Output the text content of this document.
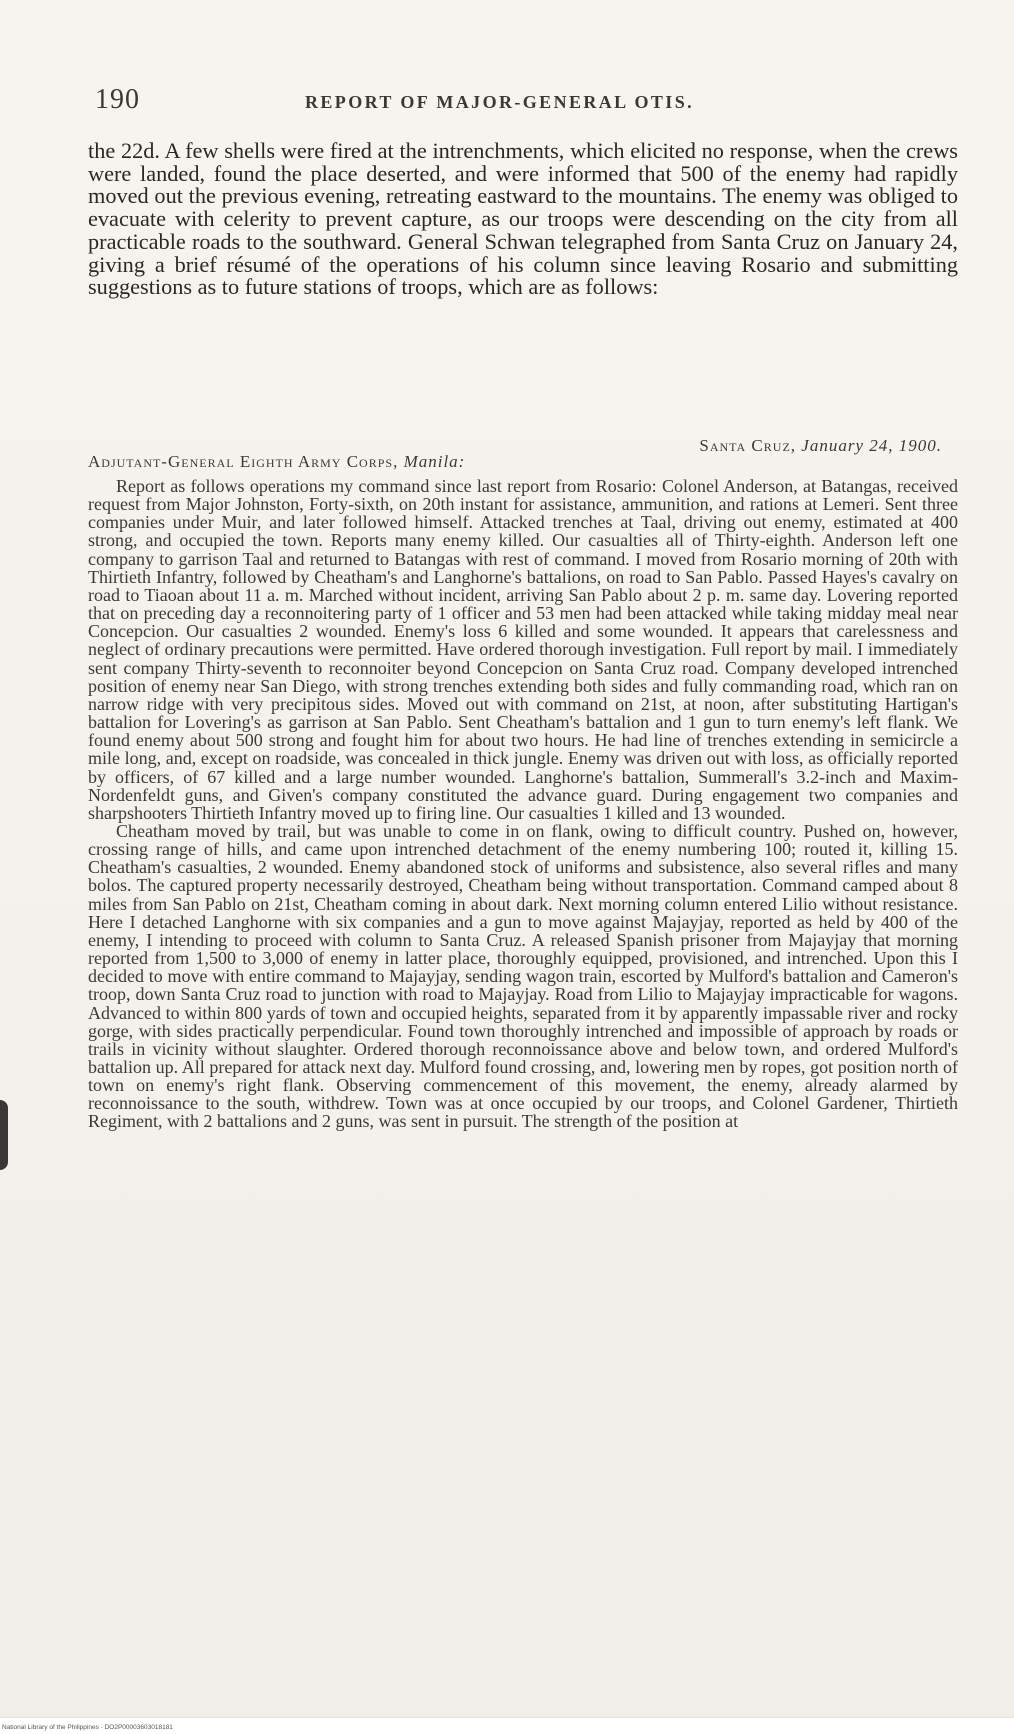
190	REPORT OF MAJOR-GENERAL OTIS.

the 22d. A few shells were fired at the intrenchments, which elicited no response, when the crews were landed, found the place deserted, and were informed that 500 of the enemy had rapidly moved out the previous evening, retreating eastward to the mountains. The enemy was obliged to evacuate with celerity to prevent capture, as our troops were descending on the city from all practicable roads to the southward. General Schwan telegraphed from Santa Cruz on January 24, giving a brief résumé of the operations of his column since leaving Rosario and submitting suggestions as to future stations of troops, which are as follows:

Santa Cruz, January 24, 1900.
Adjutant-General Eighth Army Corps, Manila:

Report as follows operations my command since last report from Rosario: Colonel Anderson, at Batangas, received request from Major Johnston, Forty-sixth, on 20th instant for assistance, ammunition, and rations at Lemeri. Sent three companies under Muir, and later followed himself. Attacked trenches at Taal, driving out enemy, estimated at 400 strong, and occupied the town. Reports many enemy killed. Our casualties all of Thirty-eighth. Anderson left one company to garrison Taal and returned to Batangas with rest of command. I moved from Rosario morning of 20th with Thirtieth Infantry, followed by Cheatham's and Langhorne's battalions, on road to San Pablo. Passed Hayes's cavalry on road to Tiaoan about 11 a. m. Marched without incident, arriving San Pablo about 2 p. m. same day. Lovering reported that on preceding day a reconnoitering party of 1 officer and 53 men had been attacked while taking midday meal near Concepcion. Our casualties 2 wounded. Enemy's loss 6 killed and some wounded. It appears that carelessness and neglect of ordinary precautions were permitted. Have ordered thorough investigation. Full report by mail. I immediately sent company Thirty-seventh to reconnoiter beyond Concepcion on Santa Cruz road. Company developed intrenched position of enemy near San Diego, with strong trenches extending both sides and fully commanding road, which ran on narrow ridge with very precipitous sides. Moved out with command on 21st, at noon, after substituting Hartigan's battalion for Lovering's as garrison at San Pablo. Sent Cheatham's battalion and 1 gun to turn enemy's left flank. We found enemy about 500 strong and fought him for about two hours. He had line of trenches extending in semicircle a mile long, and, except on roadside, was concealed in thick jungle. Enemy was driven out with loss, as officially reported by officers, of 67 killed and a large number wounded. Langhorne's battalion, Summerall's 3.2-inch and Maxim-Nordenfeldt guns, and Given's company constituted the advance guard. During engagement two companies and sharpshooters Thirtieth Infantry moved up to firing line. Our casualties 1 killed and 13 wounded.

Cheatham moved by trail, but was unable to come in on flank, owing to difficult country. Pushed on, however, crossing range of hills, and came upon intrenched detachment of the enemy numbering 100; routed it, killing 15. Cheatham's casualties, 2 wounded. Enemy abandoned stock of uniforms and subsistence, also several rifles and many bolos. The captured property necessarily destroyed, Cheatham being without transportation. Command camped about 8 miles from San Pablo on 21st, Cheatham coming in about dark. Next morning column entered Lilio without resistance. Here I detached Langhorne with six companies and a gun to move against Majayjay, reported as held by 400 of the enemy, I intending to proceed with column to Santa Cruz. A released Spanish prisoner from Majayjay that morning reported from 1,500 to 3,000 of enemy in latter place, thoroughly equipped, provisioned, and intrenched. Upon this I decided to move with entire command to Majayjay, sending wagon train, escorted by Mulford's battalion and Cameron's troop, down Santa Cruz road to junction with road to Majayjay. Road from Lilio to Majayjay impracticable for wagons. Advanced to within 800 yards of town and occupied heights, separated from it by apparently impassable river and rocky gorge, with sides practically perpendicular. Found town thoroughly intrenched and impossible of approach by roads or trails in vicinity without slaughter. Ordered thorough reconnoissance above and below town, and ordered Mulford's battalion up. All prepared for attack next day. Mulford found crossing, and, lowering men by ropes, got position north of town on enemy's right flank. Observing commencement of this movement, the enemy, already alarmed by reconnoissance to the south, withdrew. Town was at once occupied by our troops, and Colonel Gardener, Thirtieth Regiment, with 2 battalions and 2 guns, was sent in pursuit. The strength of the position at

National Library of the Philippines · DO2P00003603018181
